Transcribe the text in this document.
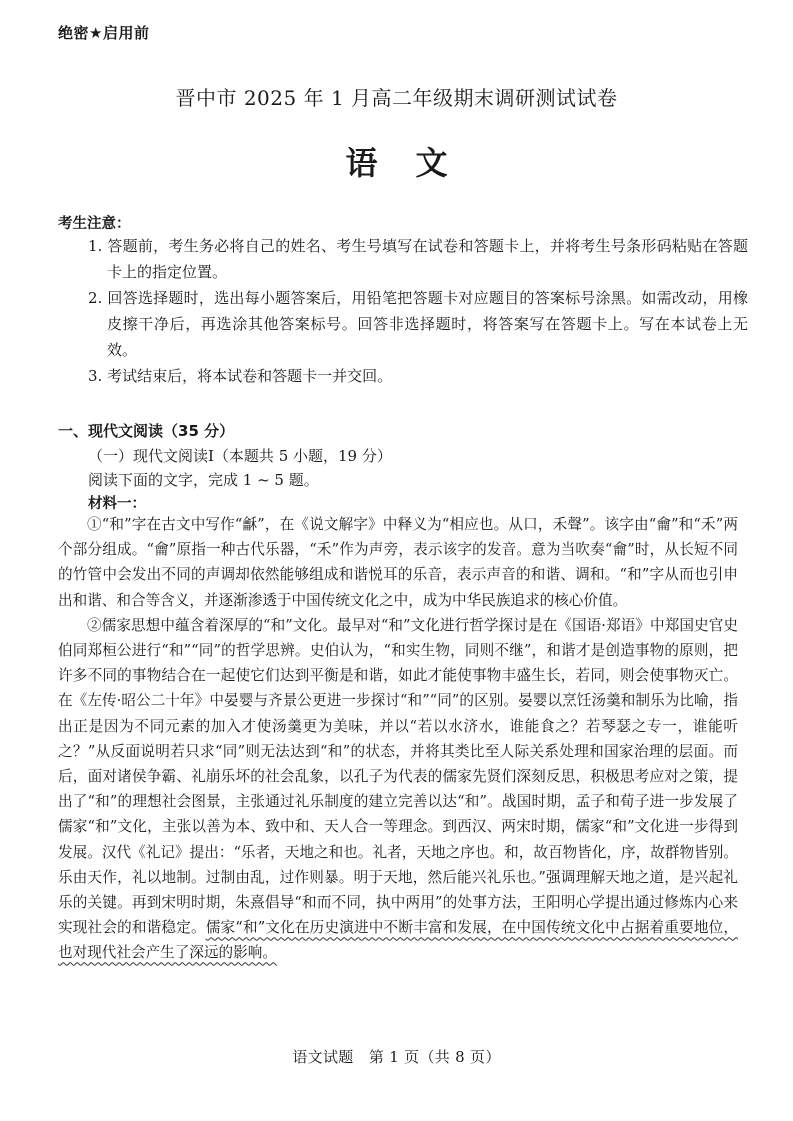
绝密★启用前
晋中市 2025 年 1 月高二年级期末调研测试试卷
语文
考生注意：

1. 答题前，考生务必将自己的姓名、考生号填写在试卷和答题卡上，并将考生号条形码粘贴在答题卡上的指定位置。

2. 回答选择题时，选出每小题答案后，用铅笔把答题卡对应题目的答案标号涂黑。如需改动，用橡皮擦干净后，再选涂其他答案标号。回答非选择题时，将答案写在答题卡上。写在本试卷上无效。

3. 考试结束后，将本试卷和答题卡一并交回。

一、现代文阅读（35 分）
（一）现代文阅读Ⅰ（本题共 5 小题，19 分）
阅读下面的文字，完成 1 ~ 5 题。
材料一：

①“和”字在古文中写作“龢”，在《说文解字》中释义为“相应也。从口，禾聲”。该字由“龠”和“禾”两个部分组成。“龠”原指一种古代乐器，“禾”作为声旁，表示该字的发音。意为当吹奏“龠”时，从长短不同的竹管中会发出不同的声调却依然能够组成和谐悦耳的乐音，表示声音的和谐、调和。“和”字从而也引申出和谐、和合等含义，并逐渐渗透于中国传统文化之中，成为中华民族追求的核心价值。

②儒家思想中蕴含着深厚的“和”文化。最早对“和”文化进行哲学探讨是在《国语·郑语》中郑国史官史伯同郑桓公进行“和”“同”的哲学思辨。史伯认为，“和实生物，同则不继”，和谐才是创造事物的原则，把许多不同的事物结合在一起使它们达到平衡是和谐，如此才能使事物丰盛生长，若同，则会使事物灭亡。在《左传·昭公二十年》中晏婴与齐景公更进一步探讨“和”“同”的区别。晏婴以烹饪汤羹和制乐为比喻，指出正是因为不同元素的加入才使汤羹更为美味，并以“若以水济水，谁能食之？若琴瑟之专一，谁能听之？”从反面说明若只求“同”则无法达到“和”的状态，并将其类比至人际关系处理和国家治理的层面。而后，面对诸侯争霸、礼崩乐坏的社会乱象，以孔子为代表的儒家先贤们深刻反思，积极思考应对之策，提出了“和”的理想社会图景，主张通过礼乐制度的建立完善以达“和”。战国时期，孟子和荀子进一步发展了儒家“和”文化，主张以善为本、致中和、天人合一等理念。到西汉、两宋时期，儒家“和”文化进一步得到发展。汉代《礼记》提出：“乐者，天地之和也。礼者，天地之序也。和，故百物皆化，序，故群物皆别。乐由天作，礼以地制。过制由乱，过作则暴。明于天地，然后能兴礼乐也。”强调理解天地之道，是兴起礼乐的关键。再到宋明时期，朱熹倡导“和而不同，执中两用”的处事方法，王阳明心学提出通过修炼内心来实现社会的和谐稳定。儒家“和”文化在历史演进中不断丰富和发展，在中国传统文化中占据着重要地位，也对现代社会产生了深远的影响。

语文试题　第 1 页（共 8 页）
